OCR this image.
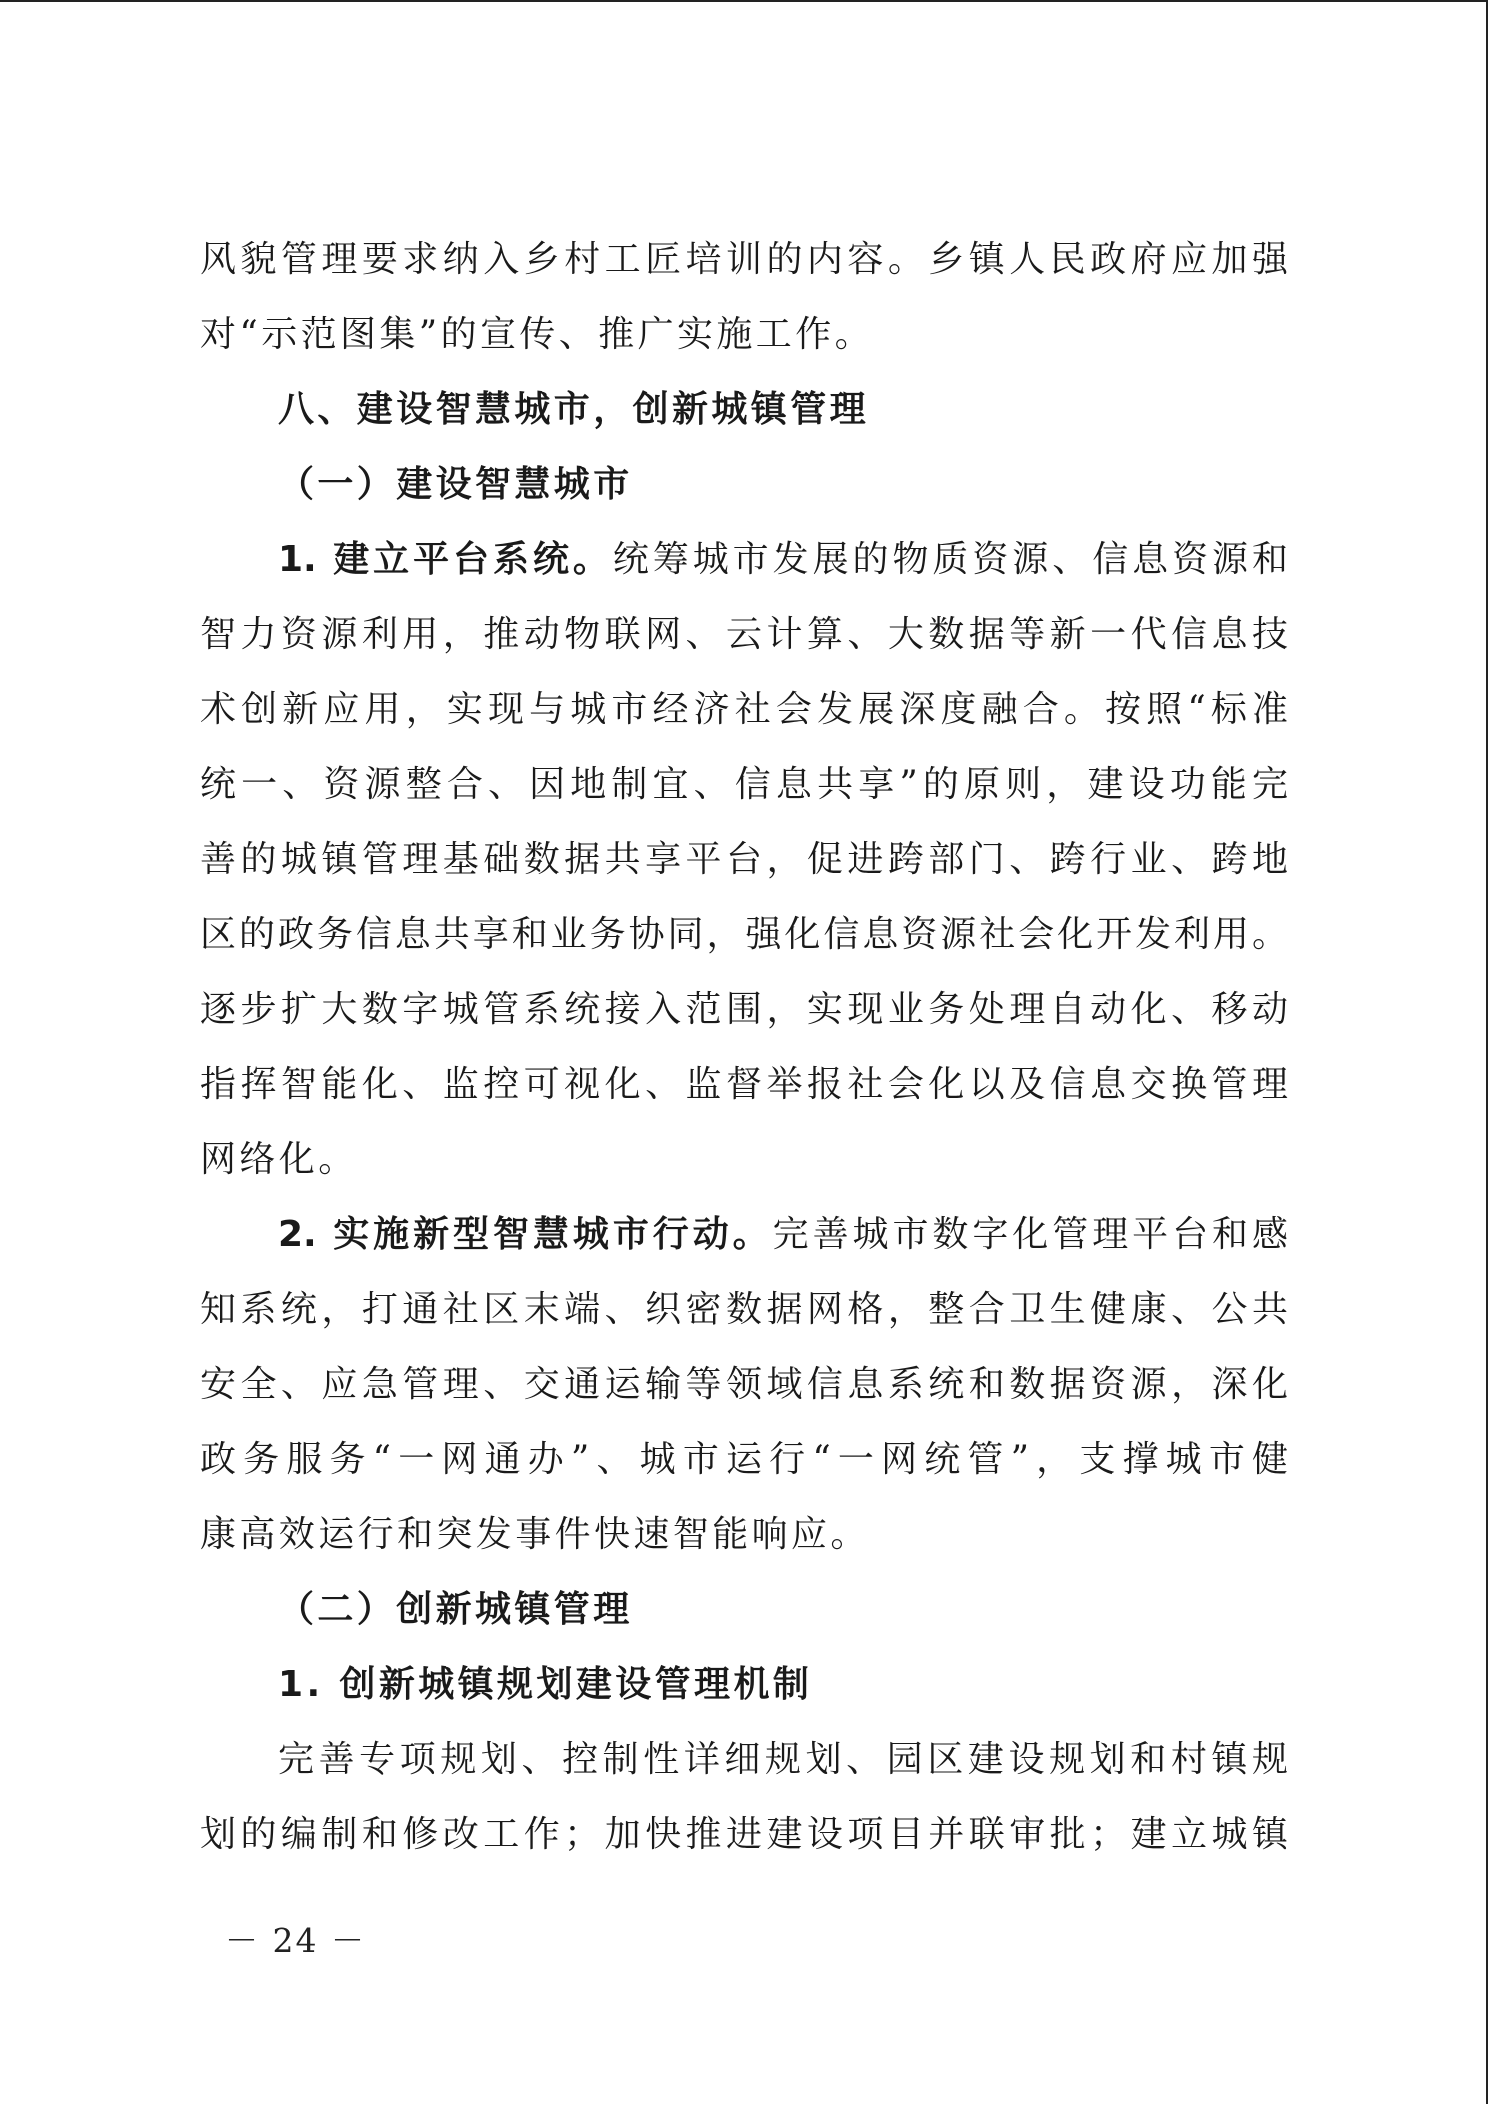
风貌管理要求纳入乡村工匠培训的内容。乡镇人民政府应加强
对“示范图集”的宣传、推广实施工作。
八、建设智慧城市，创新城镇管理
（一）建设智慧城市
1. 建立平台系统。统筹城市发展的物质资源、信息资源和
智力资源利用，推动物联网、云计算、大数据等新一代信息技
术创新应用，实现与城市经济社会发展深度融合。按照“标准
统一、资源整合、因地制宜、信息共享”的原则，建设功能完
善的城镇管理基础数据共享平台，促进跨部门、跨行业、跨地
区的政务信息共享和业务协同，强化信息资源社会化开发利用。
逐步扩大数字城管系统接入范围，实现业务处理自动化、移动
指挥智能化、监控可视化、监督举报社会化以及信息交换管理
网络化。
2. 实施新型智慧城市行动。完善城市数字化管理平台和感
知系统，打通社区末端、织密数据网格，整合卫生健康、公共
安全、应急管理、交通运输等领域信息系统和数据资源，深化
政务服务“一网通办”、城市运行“一网统管”，支撑城市健
康高效运行和突发事件快速智能响应。
（二）创新城镇管理
1. 创新城镇规划建设管理机制
完善专项规划、控制性详细规划、园区建设规划和村镇规
划的编制和修改工作；加快推进建设项目并联审批；建立城镇
－ 24 －
